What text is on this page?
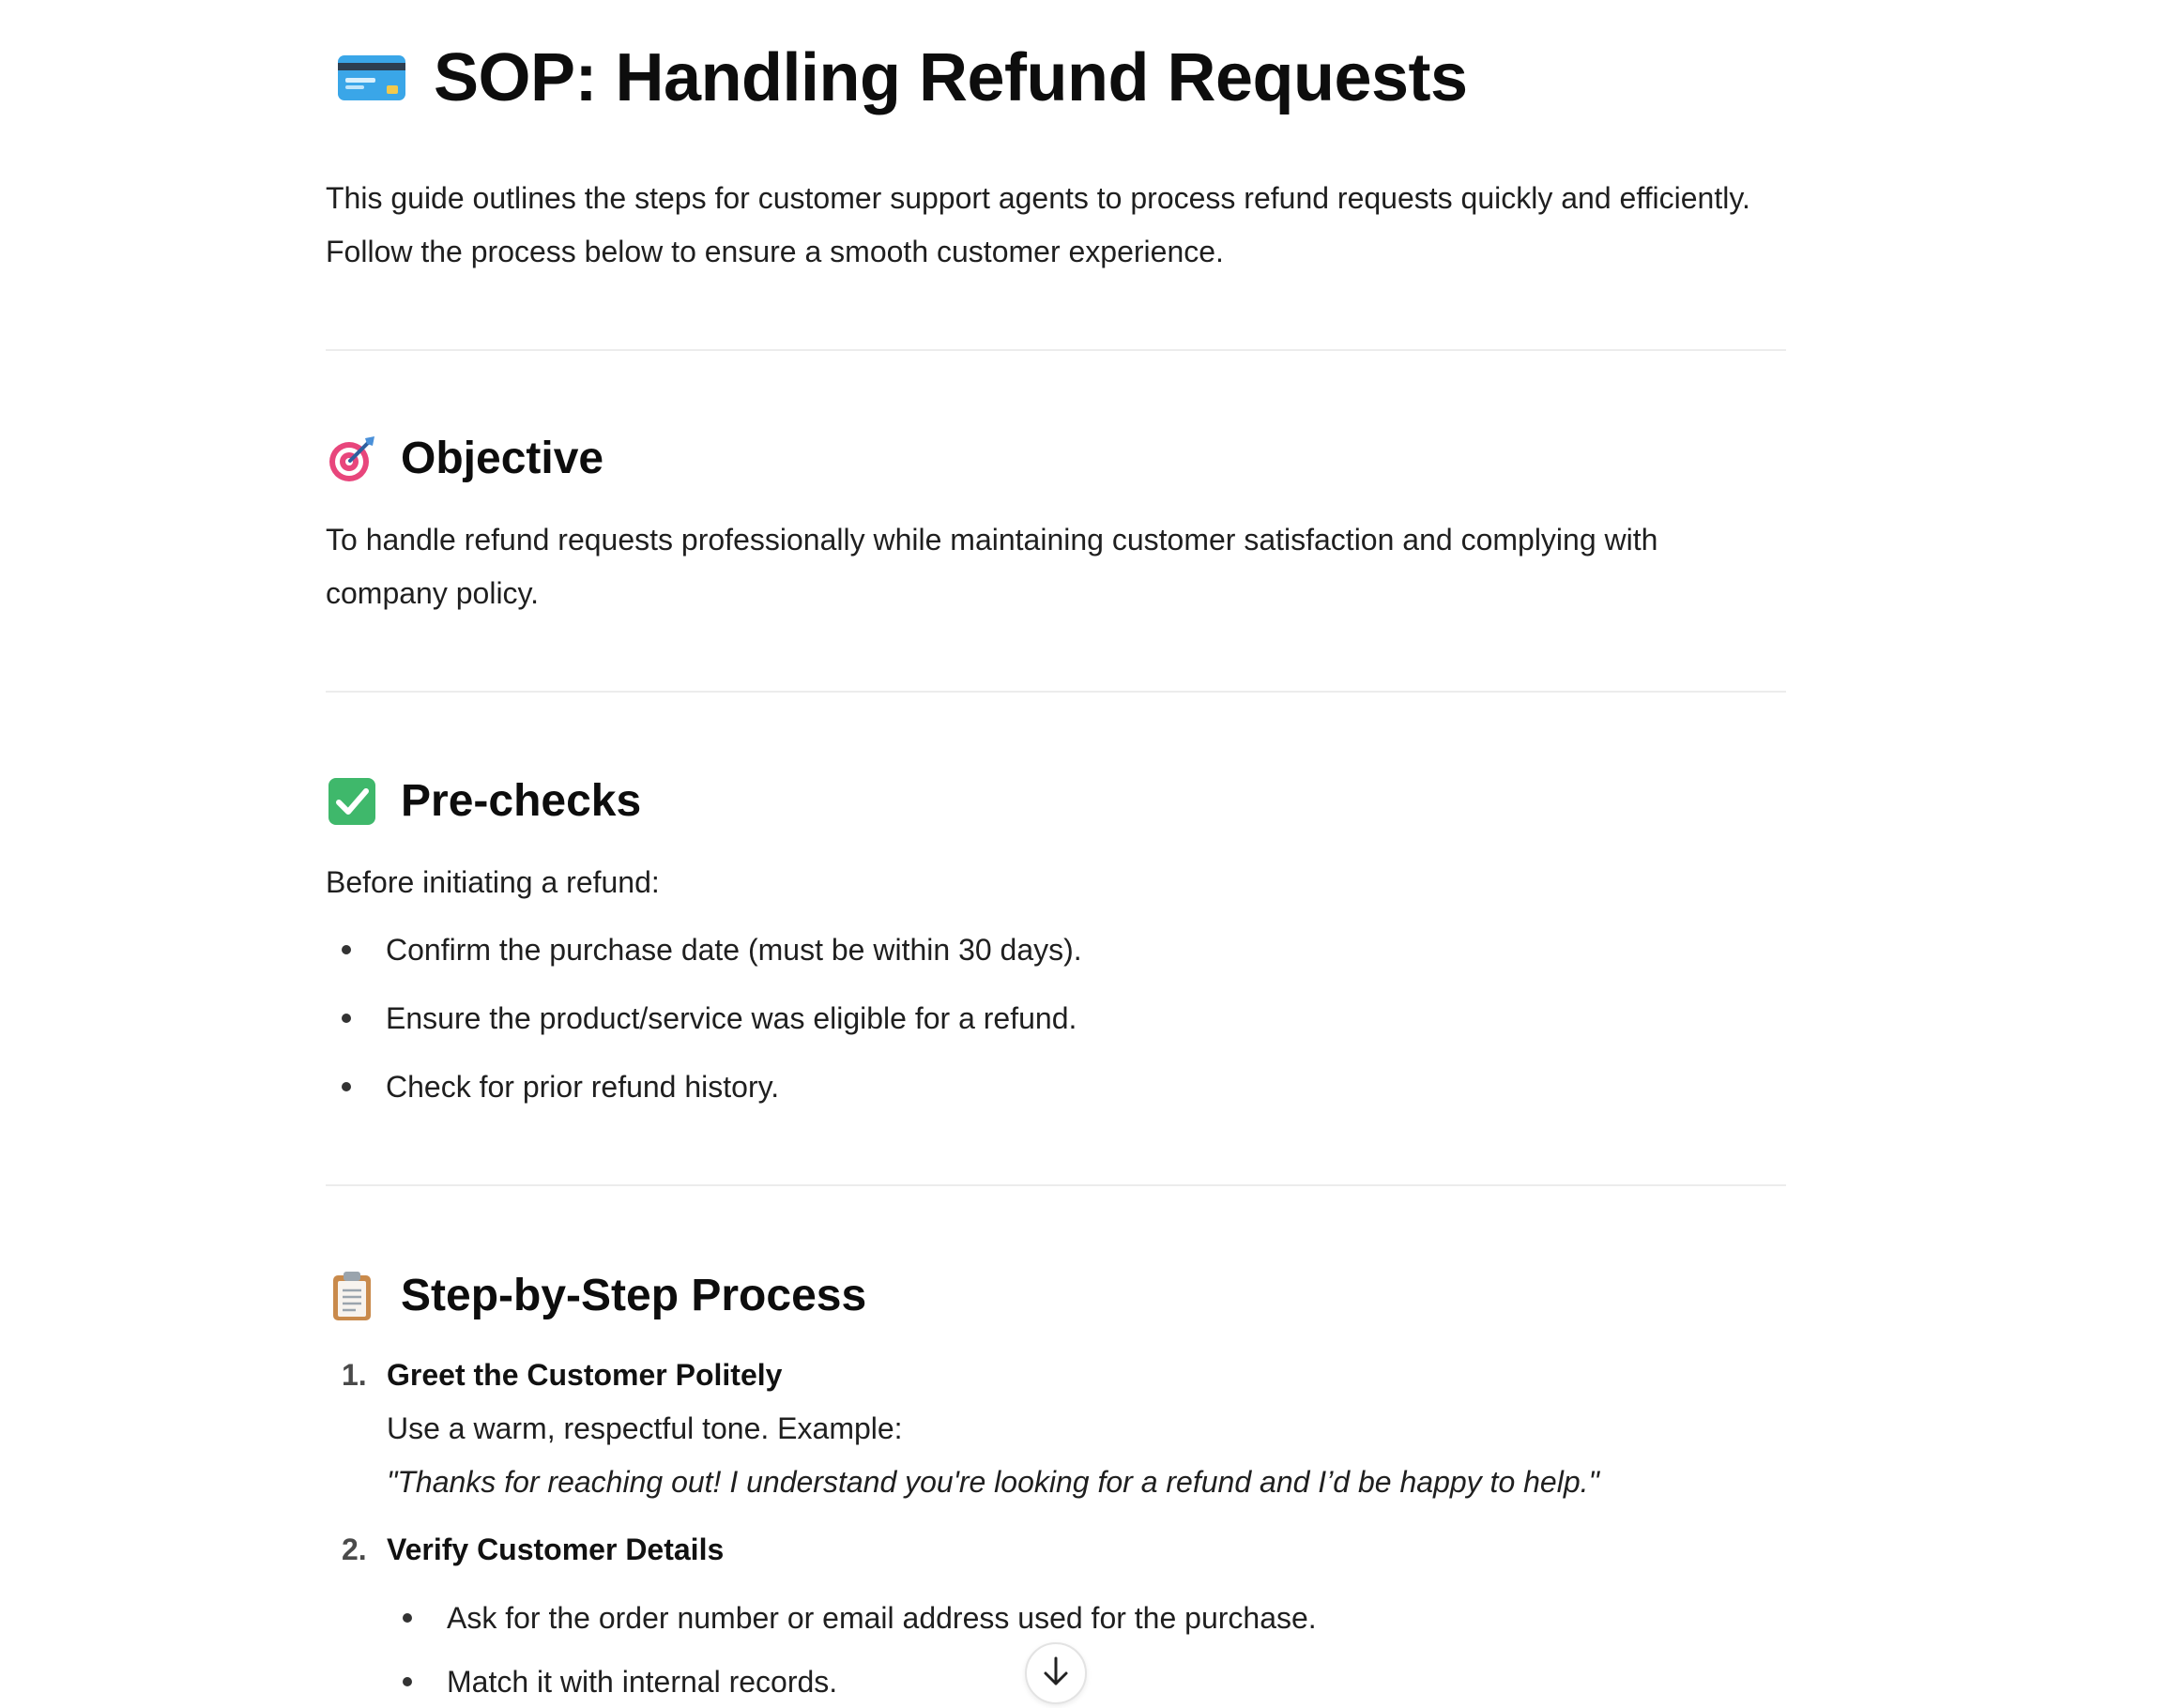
SOP: Handling Refund Requests

This guide outlines the steps for customer support agents to process refund requests quickly and efficiently.

Follow the process below to ensure a smooth customer experience.

Objective

To handle refund requests professionally while maintaining customer satisfaction and complying with

company policy.

Pre-checks

Before initiating a refund:

Confirm the purchase date (must be within 30 days).
Ensure the product/service was eligible for a refund.
Check for prior refund history.
Step-by-Step Process
1. Greet the Customer Politely
Use a warm, respectful tone. Example:
"Thanks for reaching out! I understand you're looking for a refund and I’d be happy to help."
2. Verify Customer Details
Ask for the order number or email address used for the purchase.
Match it with internal records.
